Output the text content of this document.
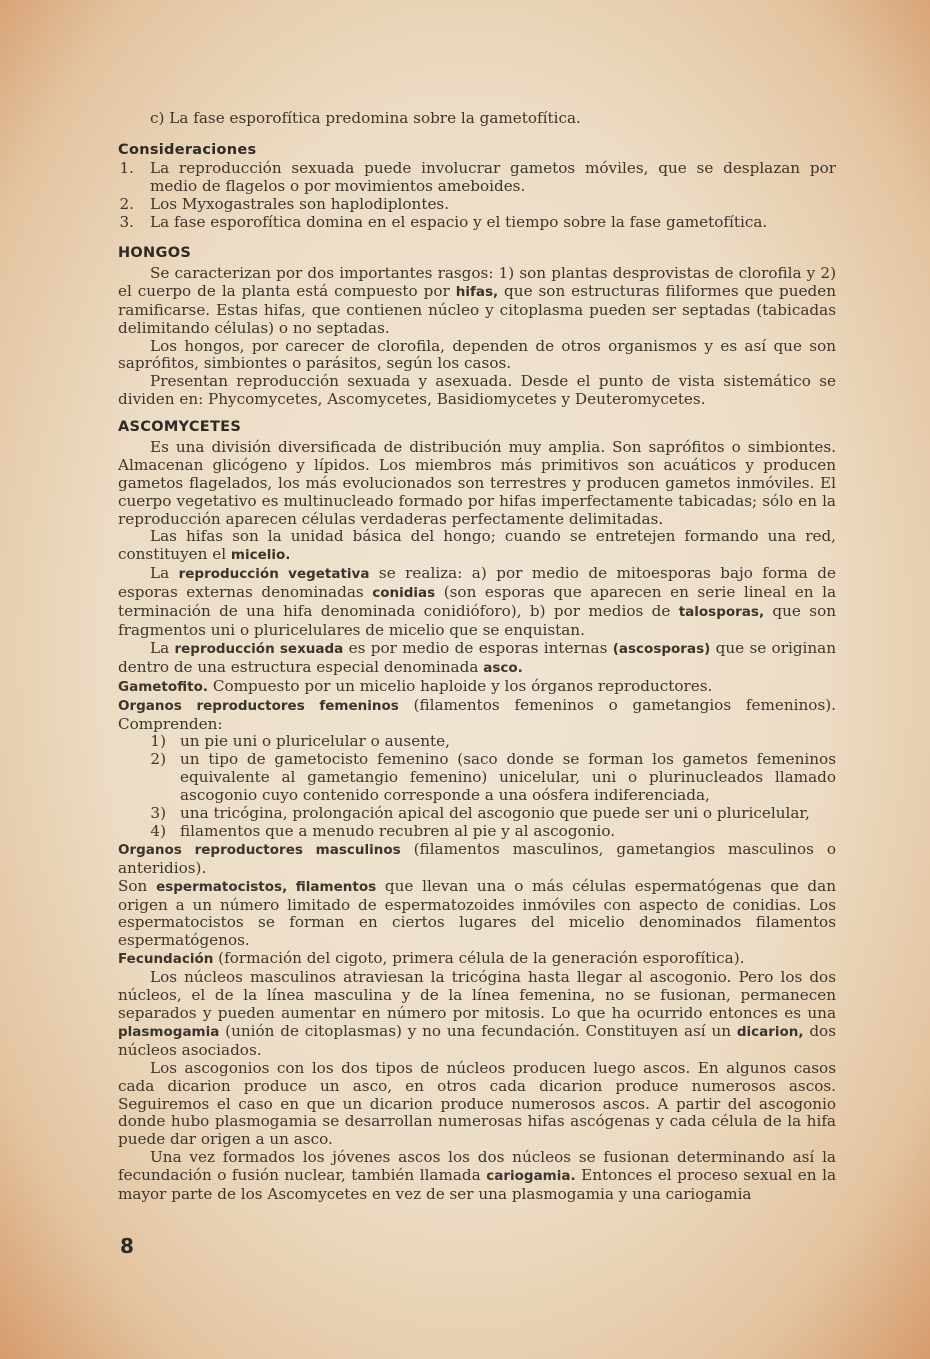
c) La fase esporofítica predomina sobre la gametofítica.

Consideraciones
1.	La reproducción sexuada puede involucrar gametos móviles, que se desplazan por medio de flagelos o por movimientos ameboides.
2.	Los Myxogastrales son haplodiplontes.
3.	La fase esporofítica domina en el espacio y el tiempo sobre la fase gametofítica.
HONGOS

Se caracterizan por dos importantes rasgos: 1) son plantas desprovistas de clorofila y 2) el cuerpo de la planta está compuesto por hifas, que son estructuras filiformes que pueden ramificarse. Estas hifas, que contienen núcleo y citoplasma pueden ser septadas (tabicadas delimitando células) o no septadas.

Los hongos, por carecer de clorofila, dependen de otros organismos y es así que son saprófitos, simbiontes o parásitos, según los casos.

Presentan reproducción sexuada y asexuada. Desde el punto de vista sistemático se dividen en: Phycomycetes, Ascomycetes, Basidiomycetes y Deuteromycetes.

ASCOMYCETES

Es una división diversificada de distribución muy amplia. Son saprófitos o simbiontes. Almacenan glicógeno y lípidos. Los miembros más primitivos son acuáticos y producen gametos flagelados, los más evolucionados son terrestres y producen gametos inmóviles. El cuerpo vegetativo es multinucleado formado por hifas imperfectamente tabicadas; sólo en la reproducción aparecen células verdaderas perfectamente delimitadas.

Las hifas son la unidad básica del hongo; cuando se entretejen formando una red, constituyen el micelio.

La reproducción vegetativa se realiza: a) por medio de mitoesporas bajo forma de esporas externas denominadas conidias (son esporas que aparecen en serie lineal en la terminación de una hifa denominada conidióforo), b) por medios de talosporas, que son fragmentos uni o pluricelulares de micelio que se enquistan.

La reproducción sexuada es por medio de esporas internas (ascosporas) que se originan dentro de una estructura especial denominada asco.

Gametofito. Compuesto por un micelio haploide y los órganos reproductores.

Organos reproductores femeninos (filamentos femeninos o gametangios femeninos). Comprenden:

1) un pie uni o pluricelular o ausente,
2) un tipo de gametocisto femenino (saco donde se forman los gametos femeninos equivalente al gametangio femenino) unicelular, uni o plurinucleados llamado ascogonio cuyo contenido corresponde a una oósfera indiferenciada,
3) una tricógina, prolongación apical del ascogonio que puede ser uni o pluricelular,
4) filamentos que a menudo recubren al pie y al ascogonio.

Organos reproductores masculinos (filamentos masculinos, gametangios masculinos o anteridios).

Son espermatocistos, filamentos que llevan una o más células espermatógenas que dan origen a un número limitado de espermatozoides inmóviles con aspecto de conidias. Los espermatocistos se forman en ciertos lugares del micelio denominados filamentos espermatógenos.

Fecundación (formación del cigoto, primera célula de la generación esporofítica).

Los núcleos masculinos atraviesan la tricógina hasta llegar al ascogonio. Pero los dos núcleos, el de la línea masculina y de la línea femenina, no se fusionan, permanecen separados y pueden aumentar en número por mitosis. Lo que ha ocurrido entonces es una plasmogamia (unión de citoplasmas) y no una fecundación. Constituyen así un dicarion, dos núcleos asociados.

Los ascogonios con los dos tipos de núcleos producen luego ascos. En algunos casos cada dicarion produce un asco, en otros cada dicarion produce numerosos ascos. Seguiremos el caso en que un dicarion produce numerosos ascos. A partir del ascogonio donde hubo plasmogamia se desarrollan numerosas hifas ascógenas y cada célula de la hifa puede dar origen a un asco.

Una vez formados los jóvenes ascos los dos núcleos se fusionan determinando así la fecundación o fusión nuclear, también llamada cariogamia. Entonces el proceso sexual en la mayor parte de los Ascomycetes en vez de ser una plasmogamia y una cariogamia

8
